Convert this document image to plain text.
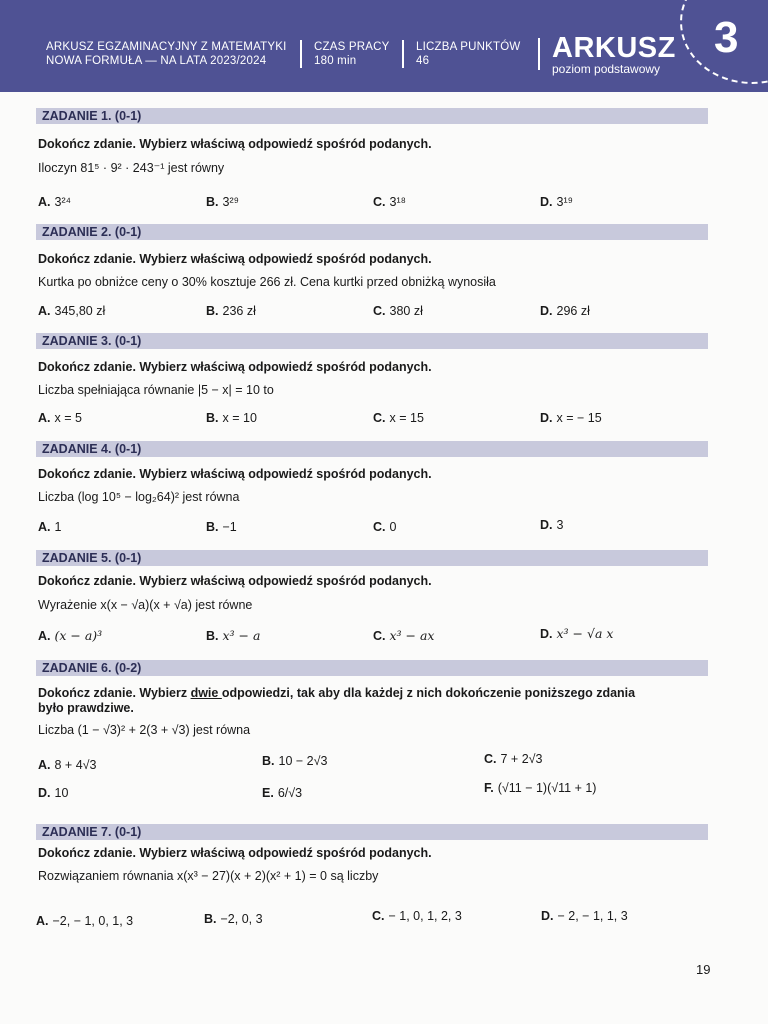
ARKUSZ EGZAMINACYJNY Z MATEMATYKI
NOWA FORMUŁA — NA LATA 2023/2024
CZAS PRACY
180 min
LICZBA PUNKTÓW
46	ARKUSZ
poziom podstawowy
3
ZADANIE 1. (0-1)
Dokończ zdanie. Wybierz właściwą odpowiedź spośród podanych.
Iloczyn 81⁵ · 9² · 243⁻¹ jest równy
A. 3²⁴	B. 3²⁹	C. 3¹⁸	D. 3¹⁹
ZADANIE 2. (0-1)
Dokończ zdanie. Wybierz właściwą odpowiedź spośród podanych.
Kurtka po obniżce ceny o 30% kosztuje 266 zł. Cena kurtki przed obniżką wynosiła
A. 345,80 zł	B. 236 zł	C. 380 zł	D. 296 zł
ZADANIE 3. (0-1)
Dokończ zdanie. Wybierz właściwą odpowiedź spośród podanych.
Liczba spełniająca równanie |5 − x| = 10 to
A. x = 5	B. x = 10	C. x = 15	D. x = − 15
ZADANIE 4. (0-1)
Dokończ zdanie. Wybierz właściwą odpowiedź spośród podanych.
Liczba (log 10⁵ − log₂64)² jest równa
A. 1	B. −1	C. 0	D. 3
ZADANIE 5. (0-1)
Dokończ zdanie. Wybierz właściwą odpowiedź spośród podanych.
Wyrażenie x(x − √a)(x + √a) jest równe
A. (x − a)³	B. x³ − a	C. x³ − ax	D. x³ − √a x
ZADANIE 6. (0-2)
Dokończ zdanie. Wybierz dwie odpowiedzi, tak aby dla każdej z nich dokończenie poniższego zdania
było prawdziwe.
Liczba (1 − √3)² + 2(3 + √3) jest równa
A. 8 + 4√3	B. 10 − 2√3	C. 7 + 2√3
D. 10	E. 6/√3	F. (√11 − 1)(√11 + 1)
ZADANIE 7. (0-1)
Dokończ zdanie. Wybierz właściwą odpowiedź spośród podanych.
Rozwiązaniem równania x(x³ − 27)(x + 2)(x² + 1) = 0 są liczby
A. −2, − 1, 0, 1, 3	B. −2, 0, 3	C. − 1, 0, 1, 2, 3	D. − 2, − 1, 1, 3
19
